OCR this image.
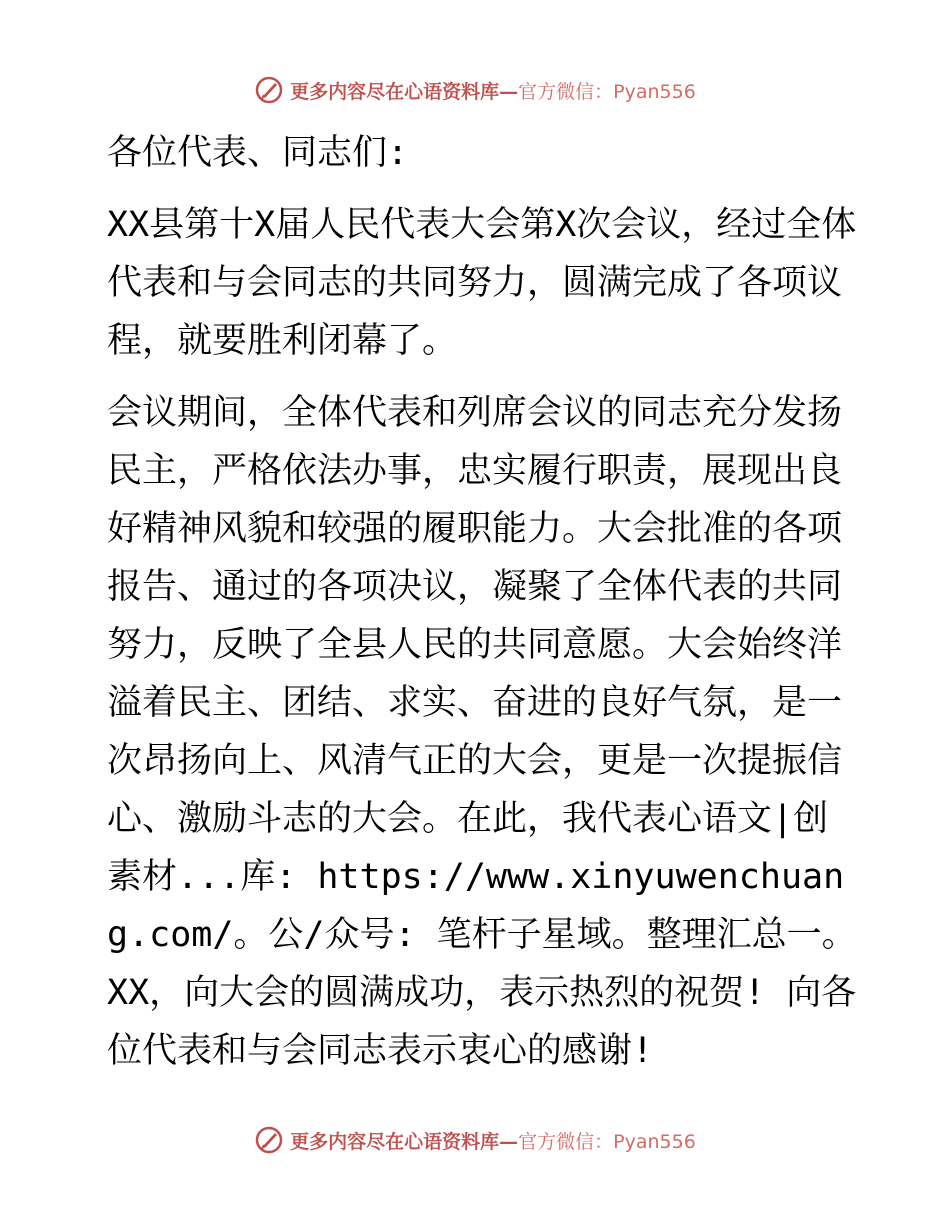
更多内容尽在心语资料库— 官方微信：Pyan556

各位代表、同志们:

XX县第十X届人民代表大会第X次会议，经过全体代表和与会同志的共同努力，圆满完成了各项议程，就要胜利闭幕了。

会议期间，全体代表和列席会议的同志充分发扬民主，严格依法办事，忠实履行职责，展现出良好精神风貌和较强的履职能力。大会批准的各项报告、通过的各项决议，凝聚了全体代表的共同努力，反映了全县人民的共同意愿。大会始终洋溢着民主、团结、求实、奋进的良好气氛，是一次昂扬向上、风清气正的大会，更是一次提振信心、激励斗志的大会。在此，我代表心语文|创素材...库: https://www.xinyuwenchuang.com/。公/众号: 笔杆子星域。整理汇总一。XX，向大会的圆满成功，表示热烈的祝贺! 向各位代表和与会同志表示衷心的感谢!

更多内容尽在心语资料库— 官方微信：Pyan556
